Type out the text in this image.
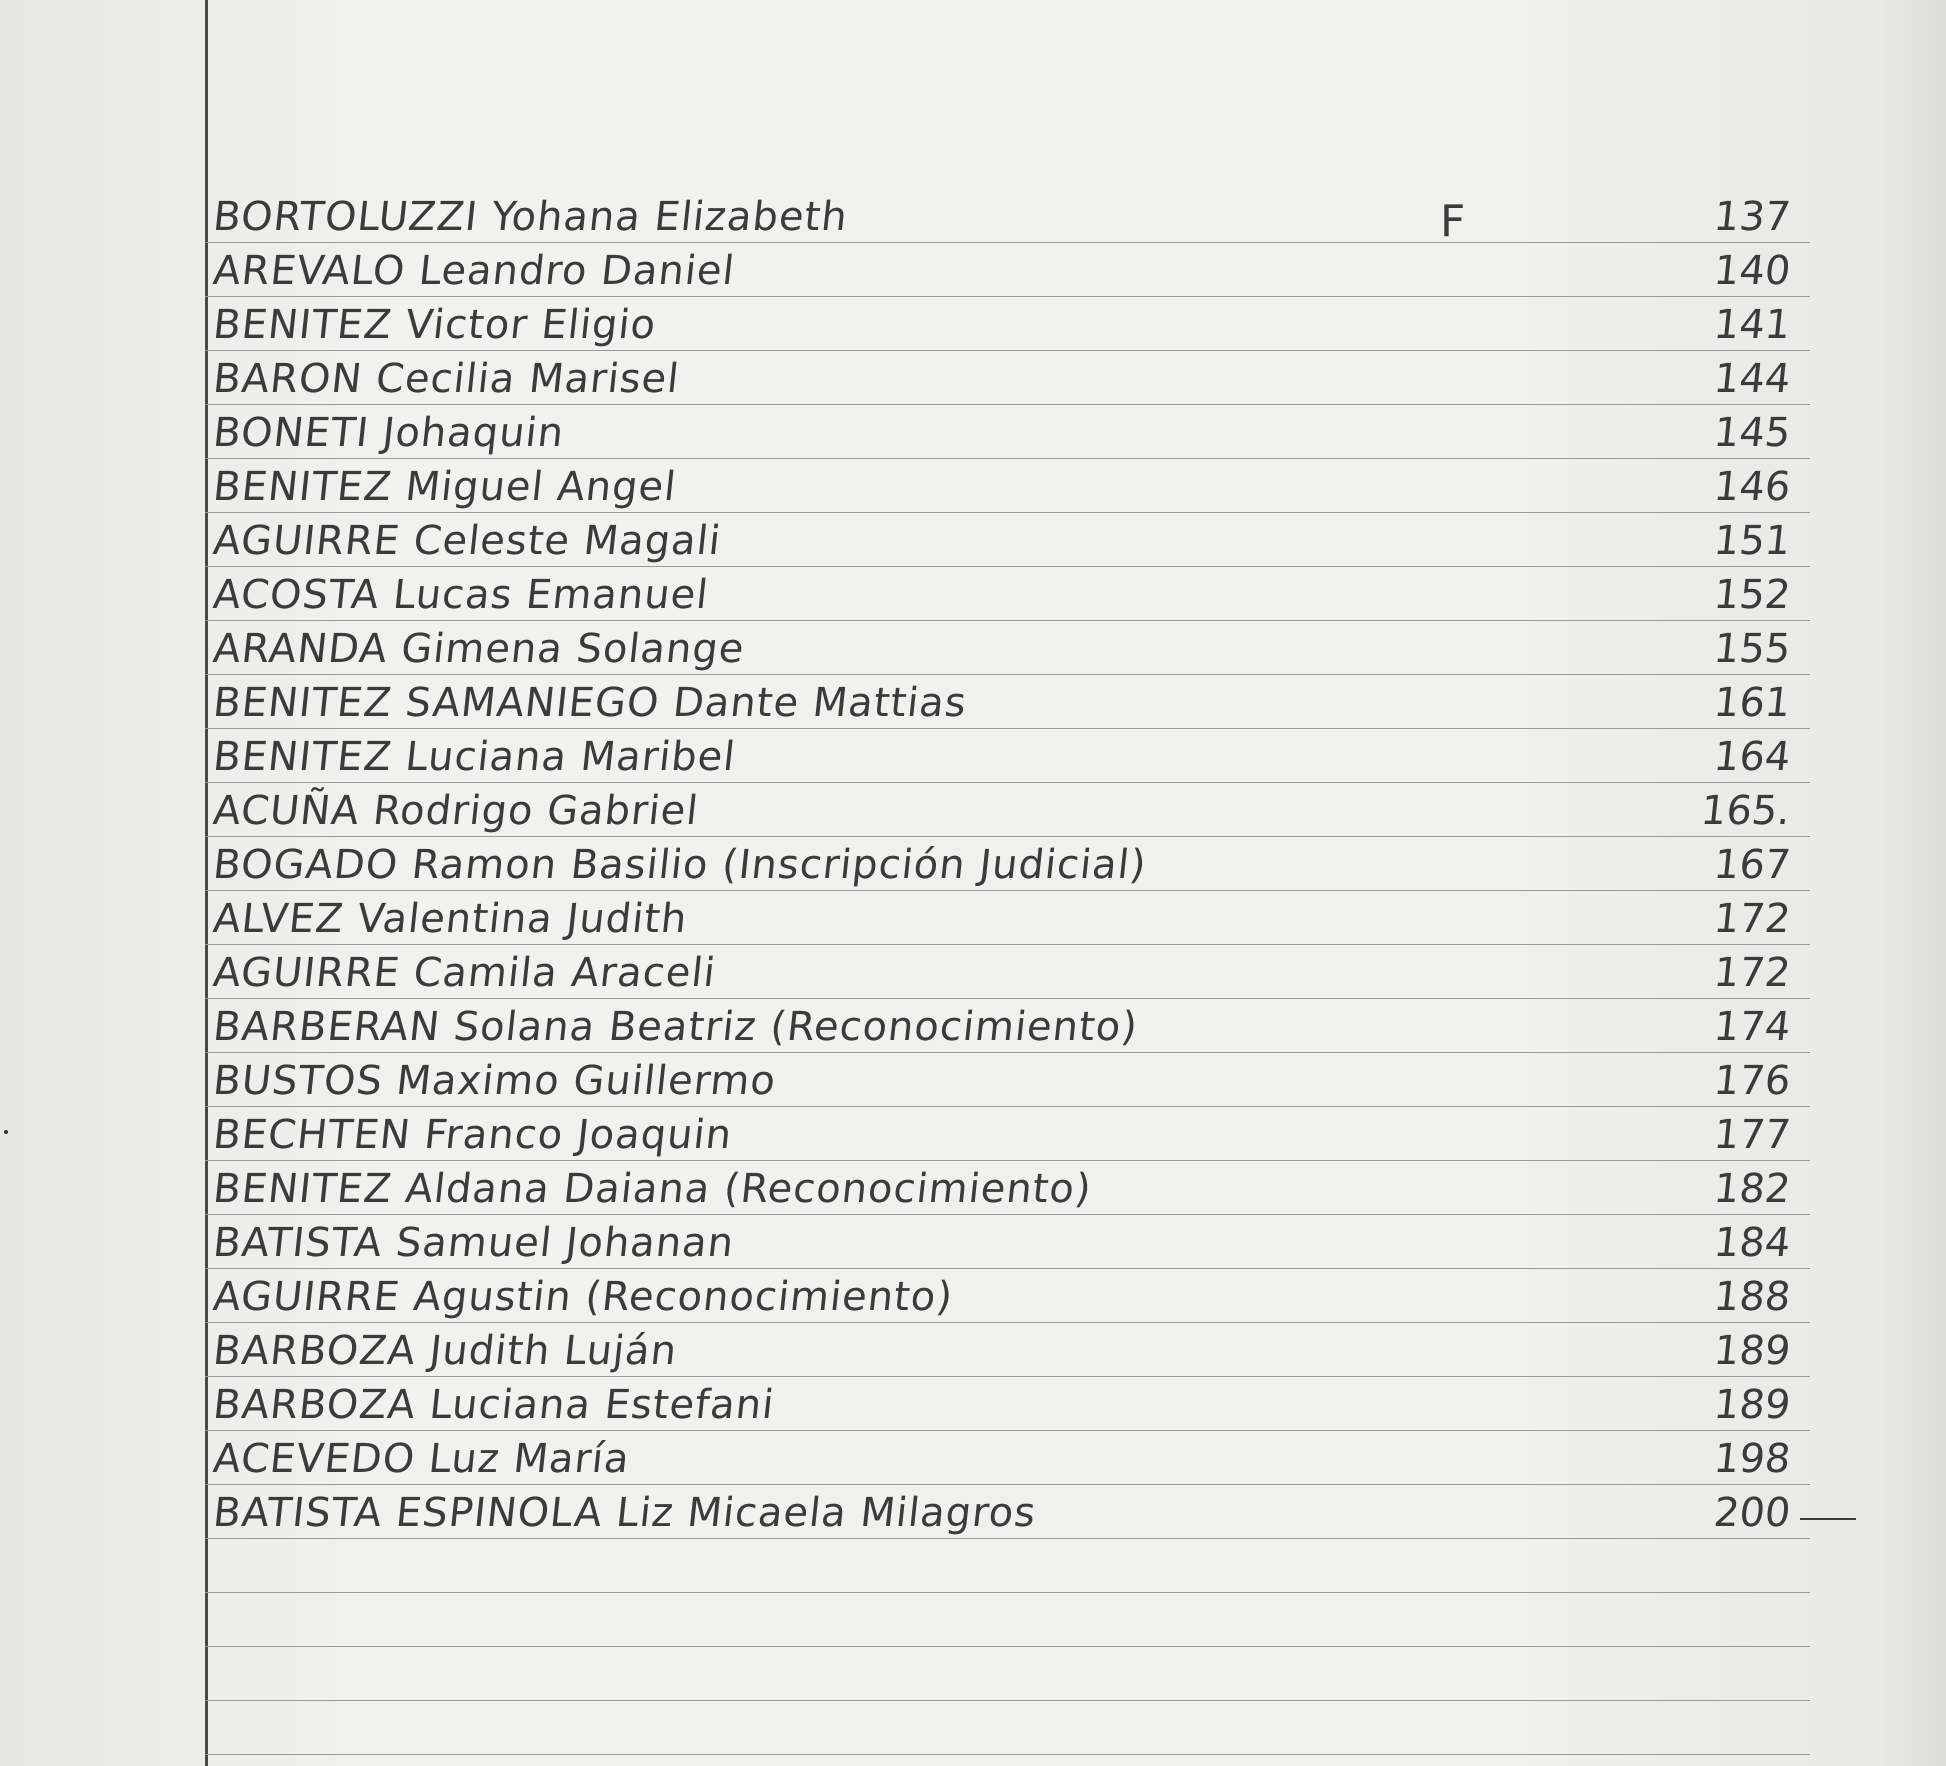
F
BORTOLUZZI Yohana Elizabeth	137
AREVALO Leandro Daniel	140
BENITEZ Victor Eligio	141
BARON Cecilia Marisel	144
BONETI Johaquin	145
BENITEZ Miguel Angel	146
AGUIRRE Celeste Magali	151
ACOSTA Lucas Emanuel	152
ARANDA Gimena Solange	155
BENITEZ SAMANIEGO Dante Mattias	161
BENITEZ Luciana Maribel	164
ACUÑA Rodrigo Gabriel	165.
BOGADO Ramon Basilio (Inscripción Judicial)	167
ALVEZ Valentina Judith	172
AGUIRRE Camila Araceli	172
BARBERAN Solana Beatriz (Reconocimiento)	174
BUSTOS Maximo Guillermo	176
BECHTEN Franco Joaquin	177
BENITEZ Aldana Daiana (Reconocimiento)	182
BATISTA Samuel Johanan	184
AGUIRRE Agustin (Reconocimiento)	188
BARBOZA Judith Luján	189
BARBOZA Luciana Estefani	189
ACEVEDO Luz María	198
BATISTA ESPINOLA Liz Micaela Milagros	200
